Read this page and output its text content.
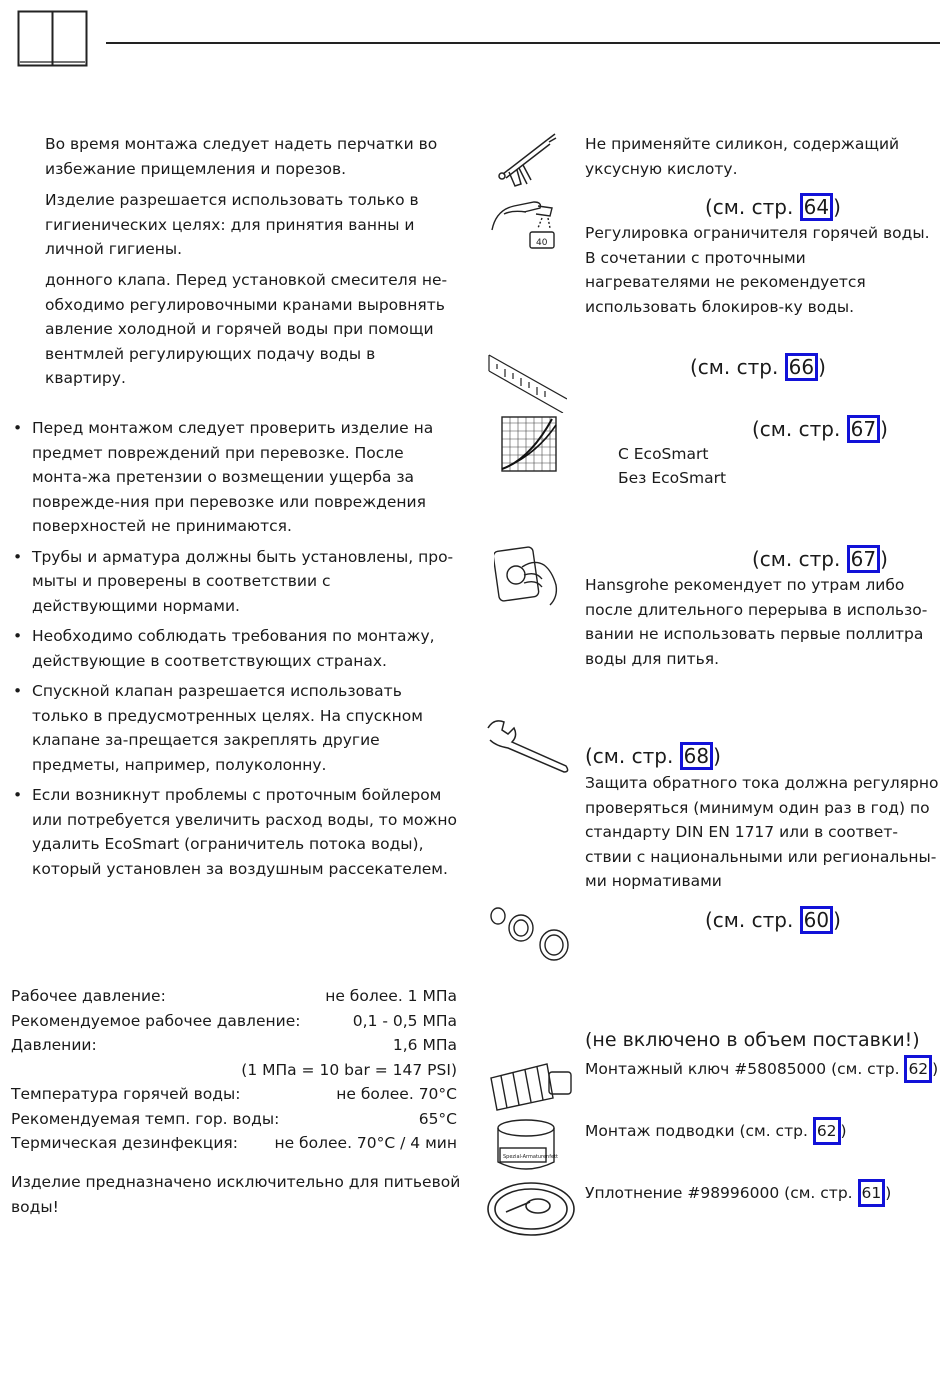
Во время монтажа следует надеть перчатки во избежание прищемления и порезов.
Изделие разрешается использовать только в гигиенических целях: для принятия ванны и личной гигиены.
донного клапа. Перед установкой смесителя не-обходимо регулировочными кранами выровнять авление холодной и горячей воды при помощи вентмлей регулирующих подачу воды в квартиру.
• Перед монтажом следует проверить изделие на предмет повреждений при перевозке. После монта-жа претензии о возмещении ущерба за поврежде-ния при перевозке или повреждения поверхностей не принимаются.
• Трубы и арматура должны быть установлены, про-мыты и проверены в соответствии с действующими нормами.
• Необходимо соблюдать требования по монтажу, действующие в соответствующих странах.
• Спускной клапан разрешается использовать только в предусмотренных целях. На спускном клапане за-прещается закреплять другие предметы, например, полуколонну.
• Если возникнут проблемы с проточным бойлером или потребуется увеличить расход воды, то можно удалить EcoSmart (ограничитель потока воды), который установлен за воздушным рассекателем.
Рабочее давление:	не более. 1 МПа
Рекомендуемое рабочее давление:	0,1 - 0,5 МПа
Давлении:	1,6 МПа
(1 МПа = 10 bar = 147 PSI)
Температура горячей воды:	не более. 70°C
Рекомендуемая темп. гор. воды:	65°C
Термическая дезинфекция: не более. 70°C / 4 мин
Изделие предназначено исключительно для питьевой воды!
40
Spezial-Armaturenfett
Не применяйте силикон, содержащий уксусную кислоту.
(см. стр. 64 )
Регулировка ограничителя горячей воды. В сочетании с проточными нагревателями не рекомендуется использовать блокиров-ку воды.
(см. стр. 66 )
(см. стр. 67 )
С EcoSmart
Без EcoSmart
(см. стр. 67 )
Hansgrohe рекомендует по утрам либо после длительного перерыва в использо-вании не использовать первые поллитра воды для питья.
(см. стр. 68 )
Защита обратного тока должна регулярно проверяться (минимум один раз в год) по стандарту DIN EN 1717 или в соответ-ствии с национальными или региональны-ми нормативами
(см. стр. 60 )
(не включено в объем поставки!)
Монтажный ключ #58085000 (см. стр. 62 )
Монтаж подводки (см. стр. 62 )
Уплотнение #98996000 (см. стр. 61 )
